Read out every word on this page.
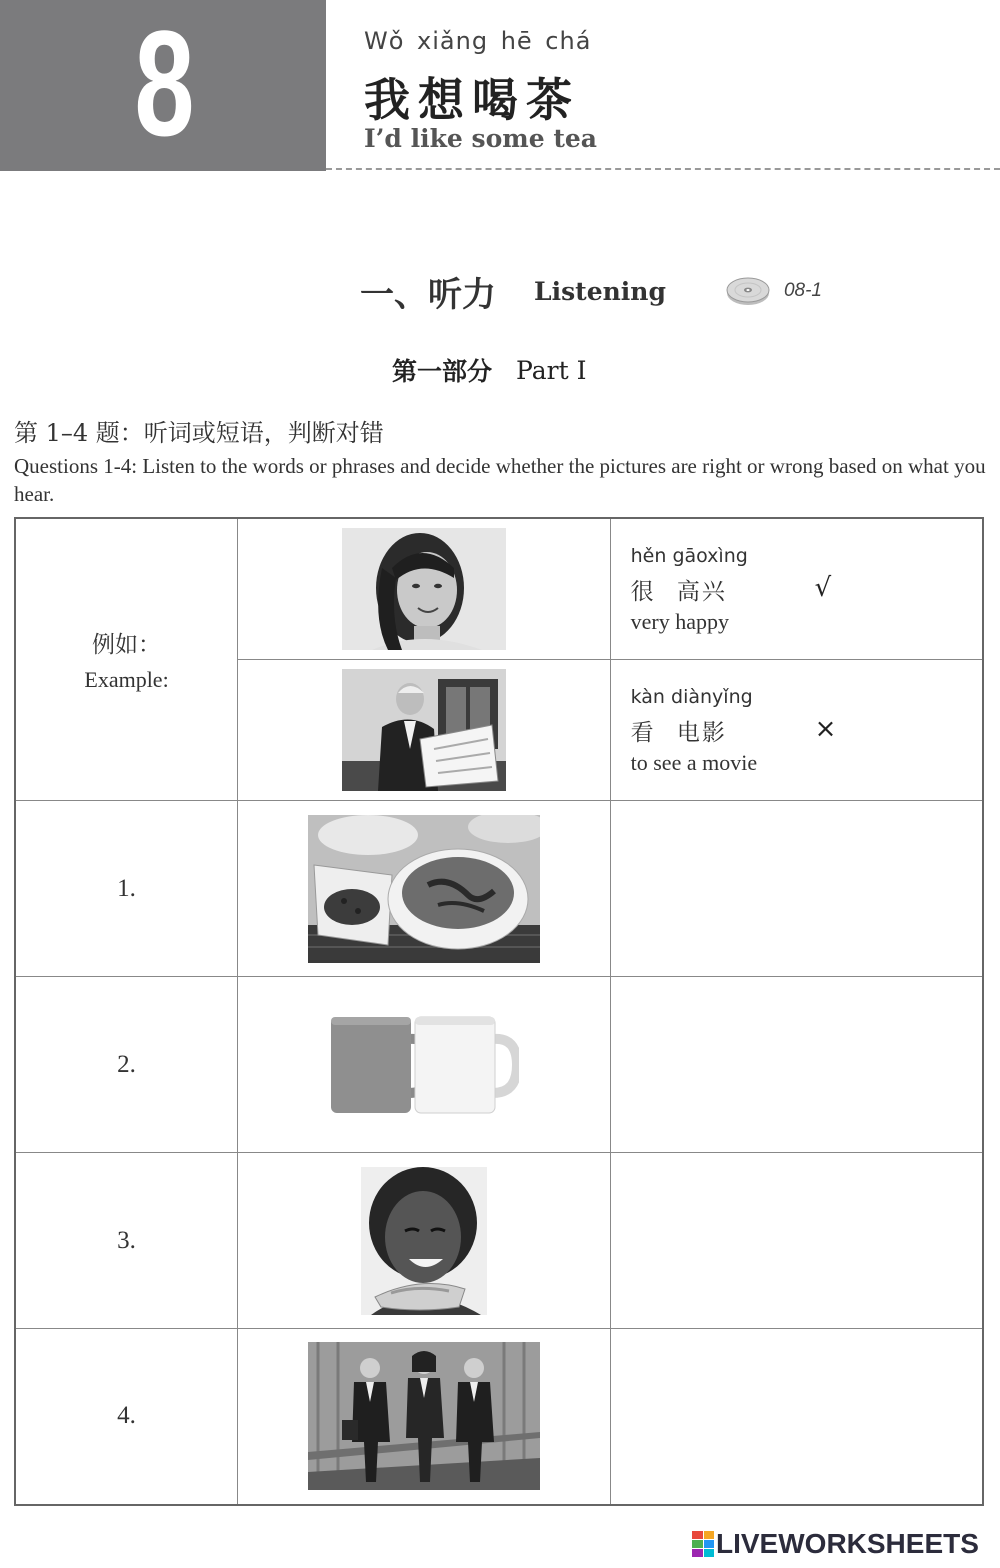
8	Wǒ xiǎng hē chá
我想喝茶
I’d like some tea
一、听力 Listening	08-1
第一部分 Part Ⅰ
第 1–4 题：听词或短语，判断对错
Questions 1-4: Listen to the words or phrases and decide whether the pictures are right or wrong based on what you hear.
例如：
Example:		hěn gāoxìng
很 高兴
very happy
√

kàn diànyǐng
看 电影
to see a movie
×

1.	

2.	

3.	

4.	

LIVEWORKSHEETS
